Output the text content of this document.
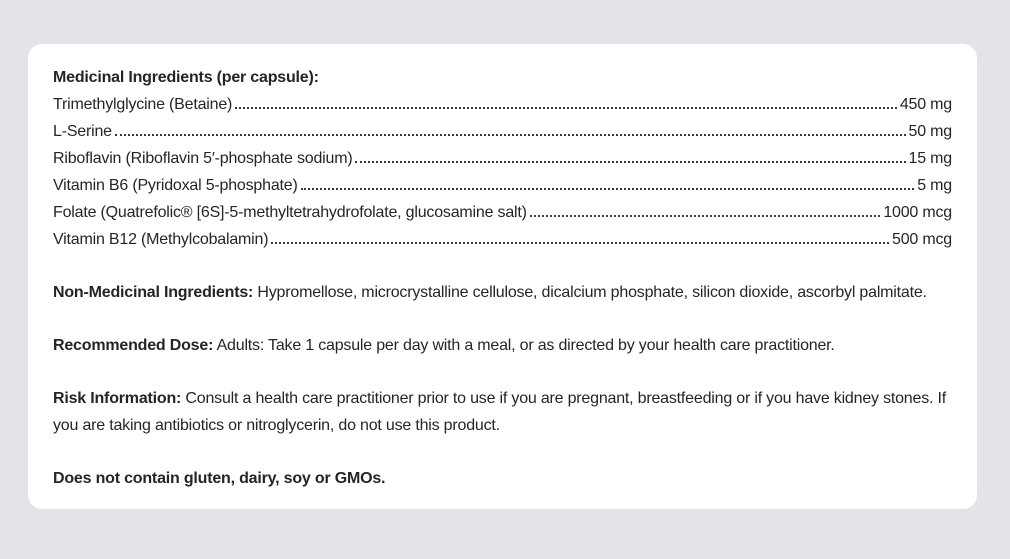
Medicinal Ingredients (per capsule):
Trimethylglycine (Betaine)	450 mg
L-Serine	50 mg
Riboflavin (Riboflavin 5′-phosphate sodium)	15 mg
Vitamin B6 (Pyridoxal 5-phosphate)	5 mg
Folate (Quatrefolic® [6S]-5-methyltetrahydrofolate, glucosamine salt)	1000 mcg
Vitamin B12 (Methylcobalamin)	500 mcg
Non-Medicinal Ingredients: Hypromellose, microcrystalline cellulose, dicalcium phosphate, silicon dioxide, ascorbyl palmitate.
Recommended Dose: Adults: Take 1 capsule per day with a meal, or as directed by your health care practitioner.
Risk Information: Consult a health care practitioner prior to use if you are pregnant, breastfeeding or if you have kidney stones. If you are taking antibiotics or nitroglycerin, do not use this product.
Does not contain gluten, dairy, soy or GMOs.
